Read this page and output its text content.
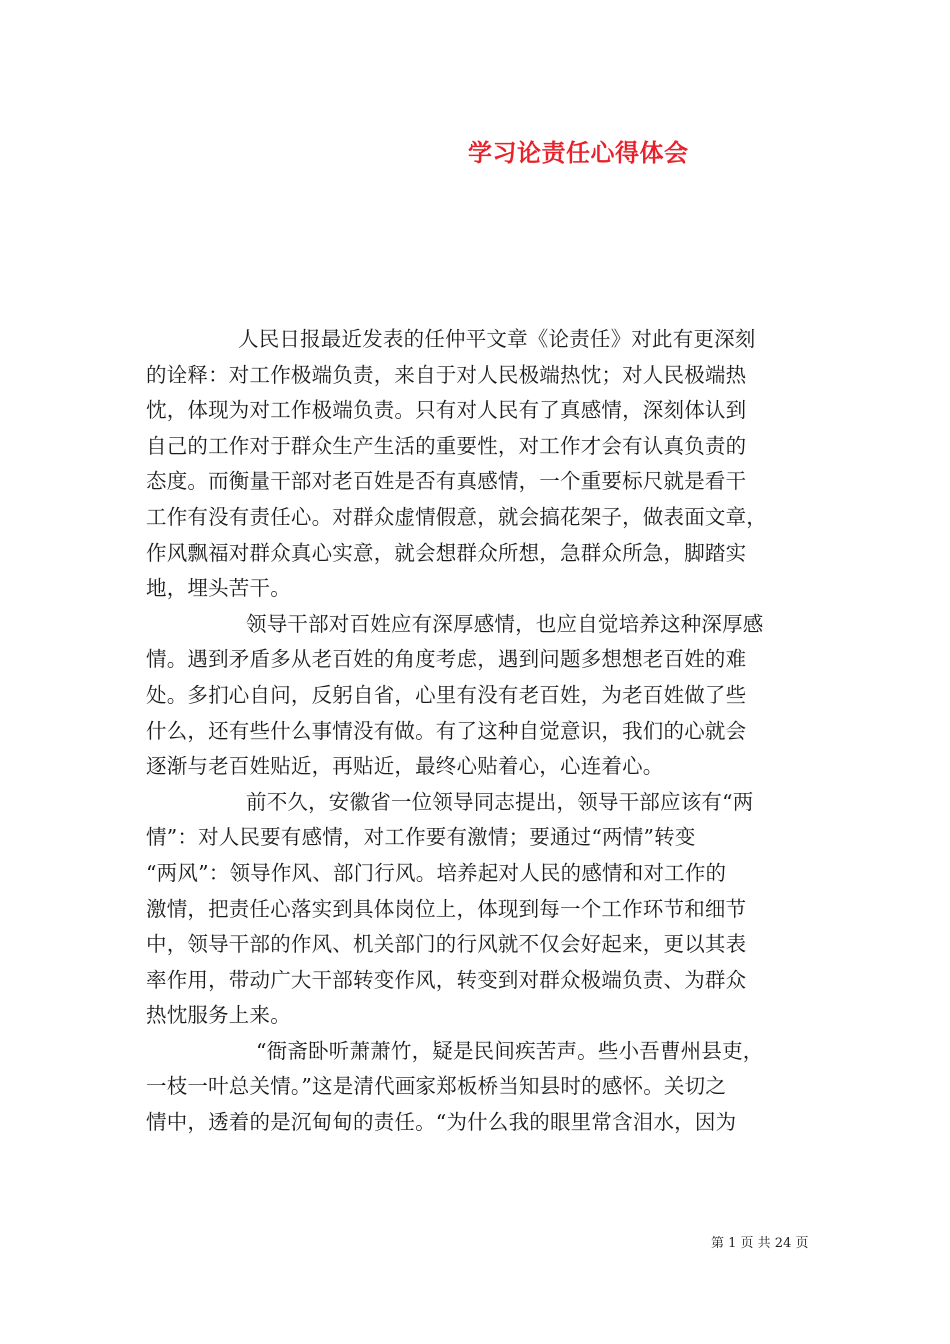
学习论责任心得体会
人民日报最近发表的任仲平文章《论责任》对此有更深刻
的诠释：对工作极端负责，来自于对人民极端热忱；对人民极端热
忱，体现为对工作极端负责。只有对人民有了真感情，深刻体认到
自己的工作对于群众生产生活的重要性，对工作才会有认真负责的
态度。而衡量干部对老百姓是否有真感情，一个重要标尺就是看干
工作有没有责任心。对群众虚情假意，就会搞花架子，做表面文章，
作风飘福对群众真心实意，就会想群众所想，急群众所急，脚踏实
地，埋头苦干。
领导干部对百姓应有深厚感情，也应自觉培养这种深厚感
情。遇到矛盾多从老百姓的角度考虑，遇到问题多想想老百姓的难
处。多扪心自问，反躬自省，心里有没有老百姓，为老百姓做了些
什么，还有些什么事情没有做。有了这种自觉意识，我们的心就会
逐渐与老百姓贴近，再贴近，最终心贴着心，心连着心。
前不久，安徽省一位领导同志提出，领导干部应该有“两
情”：对人民要有感情，对工作要有激情；要通过“两情”转变
“两风”：领导作风、部门行风。培养起对人民的感情和对工作的
激情，把责任心落实到具体岗位上，体现到每一个工作环节和细节
中，领导干部的作风、机关部门的行风就不仅会好起来，更以其表
率作用，带动广大干部转变作风，转变到对群众极端负责、为群众
热忱服务上来。
“衙斋卧听萧萧竹，疑是民间疾苦声。些小吾曹州县吏，
一枝一叶总关情。”这是清代画家郑板桥当知县时的感怀。关切之
情中，透着的是沉甸甸的责任。“为什么我的眼里常含泪水，因为
第 1 页 共 24 页
